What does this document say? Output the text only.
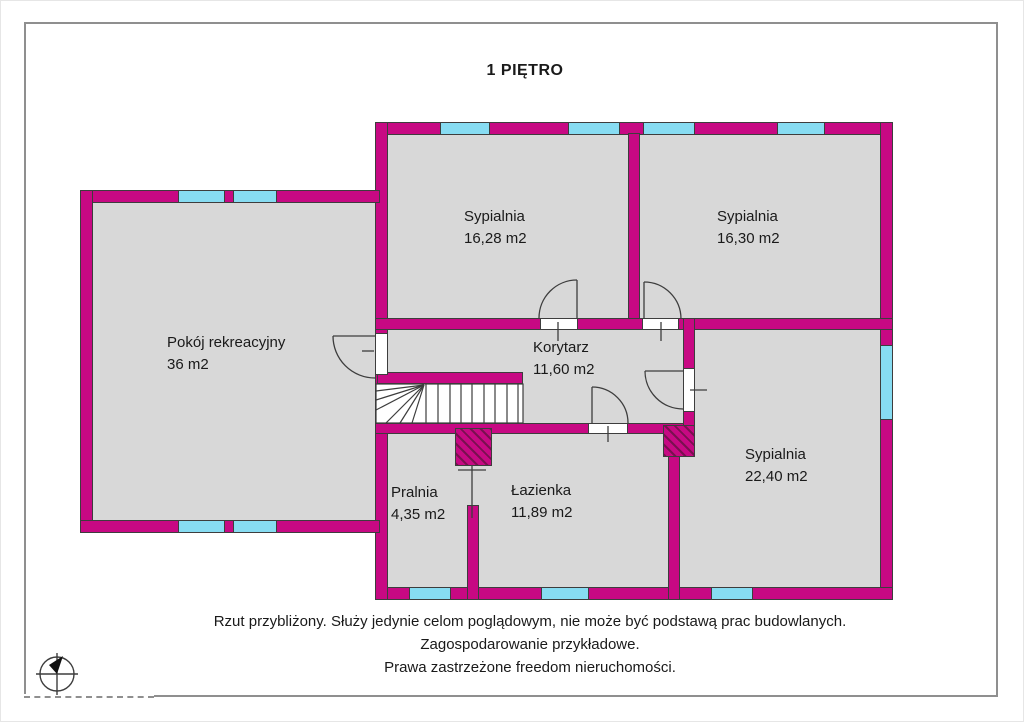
1 PIĘTRO
Sypialnia
16,28 m2
Sypialnia
16,30 m2
Pokój rekreacyjny
36 m2
Korytarz
11,60 m2
Sypialnia
22,40 m2
Pralnia
4,35 m2
Łazienka
11,89 m2
Rzut przybliżony. Służy jedynie celom poglądowym, nie może być podstawą prac budowlanych.
Zagospodarowanie przykładowe.
Prawa zastrzeżone freedom nieruchomości.
